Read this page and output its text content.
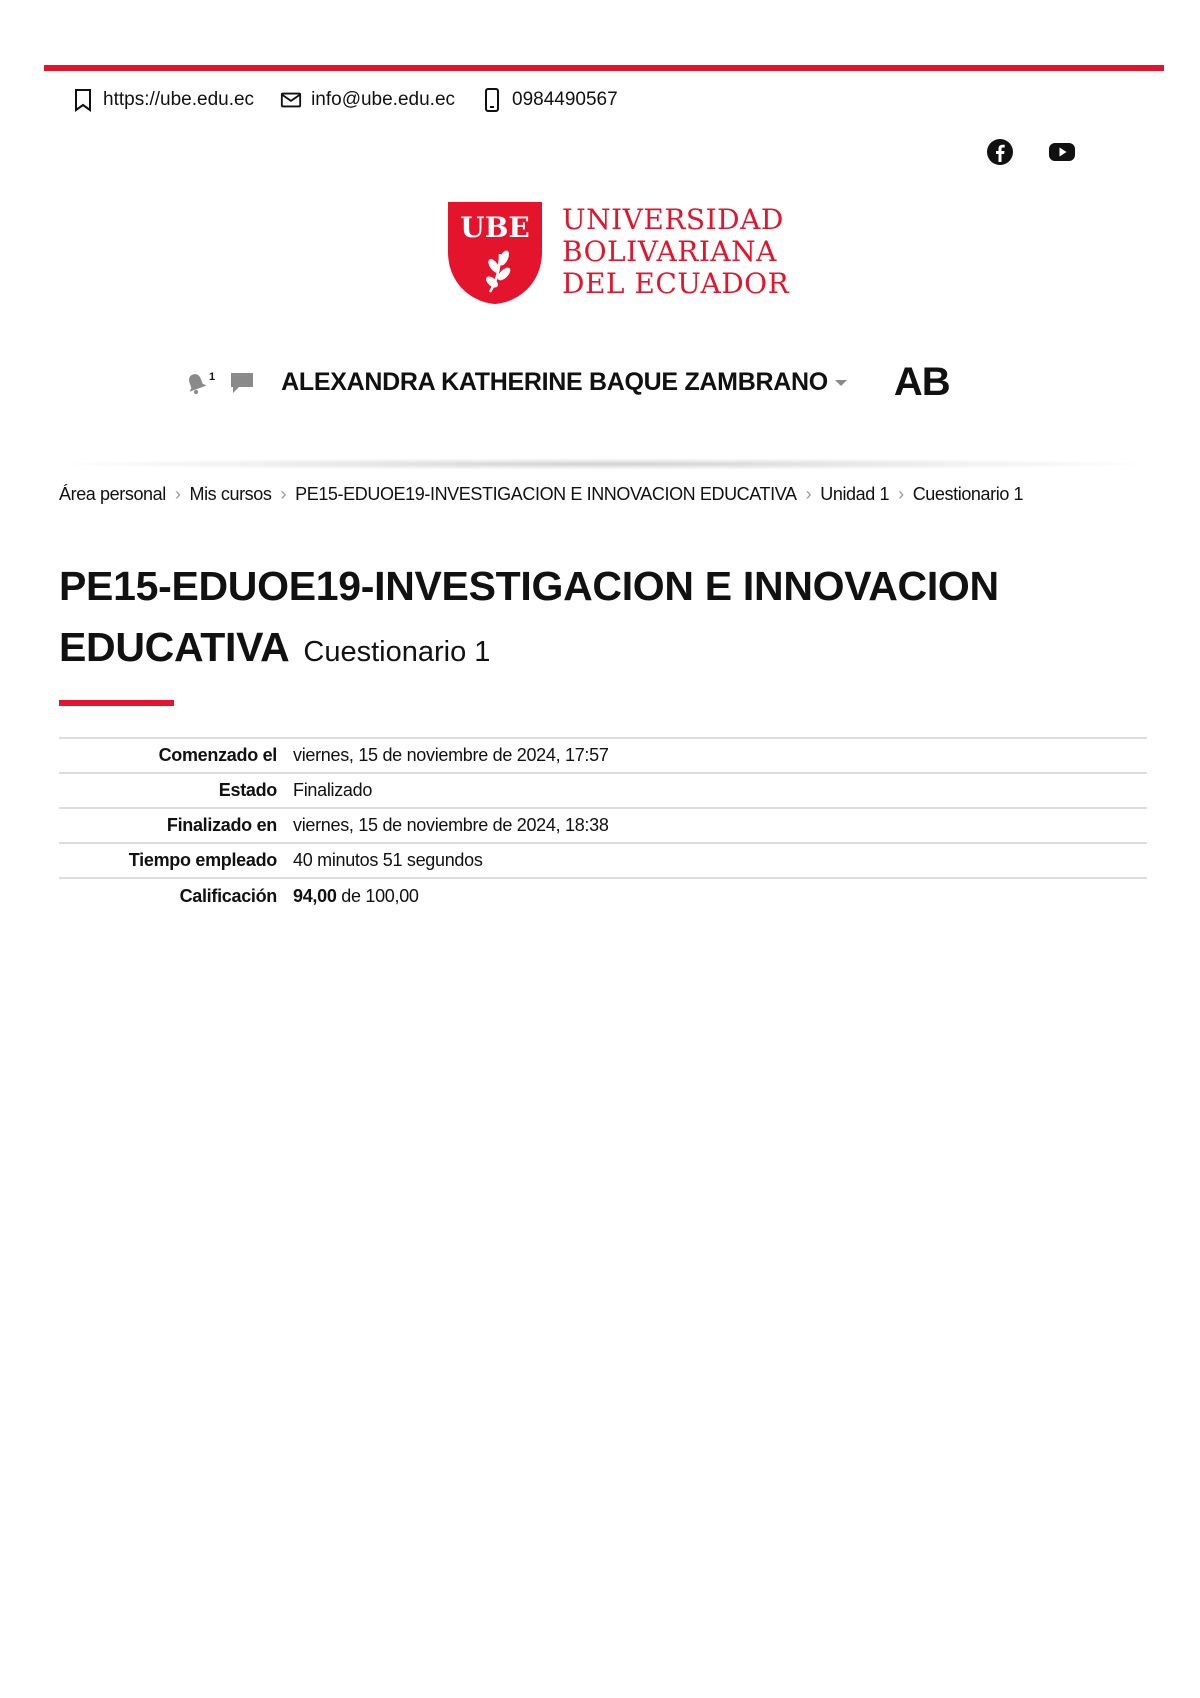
https://ube.edu.ec	info@ube.edu.ec	0984490567
UBE UNIVERSIDAD
BOLIVARIANA
DEL ECUADOR
1	ALEXANDRA KATHERINE BAQUE ZAMBRANO AB
Área personal › Mis cursos › PE15-EDUOE19-INVESTIGACION E INNOVACION EDUCATIVA › Unidad 1 › Cuestionario 1
PE15-EDUOE19-INVESTIGACION E INNOVACION EDUCATIVA Cuestionario 1
Comenzado el	viernes, 15 de noviembre de 2024, 17:57
Estado	Finalizado
Finalizado en	viernes, 15 de noviembre de 2024, 18:38
Tiempo empleado	40 minutos 51 segundos
Calificación	94,00 de 100,00
